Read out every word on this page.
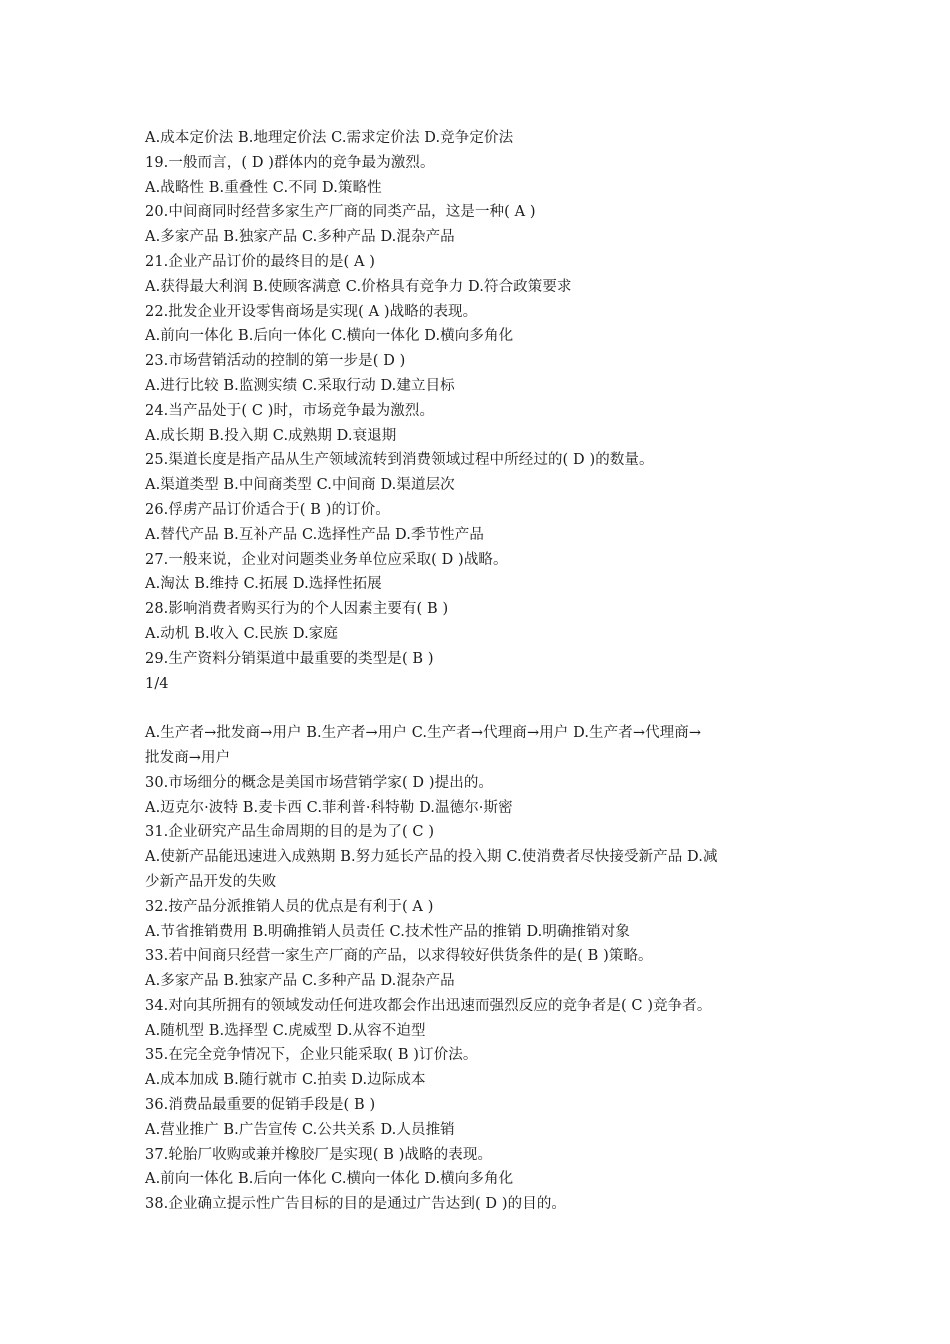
A.成本定价法 B.地理定价法 C.需求定价法 D.竞争定价法
19.一般而言，( D )群体内的竞争最为激烈。
A.战略性 B.重叠性 C.不同 D.策略性
20.中间商同时经营多家生产厂商的同类产品，这是一种( A )
A.多家产品 B.独家产品 C.多种产品 D.混杂产品
21.企业产品订价的最终目的是( A )
A.获得最大利润 B.使顾客满意 C.价格具有竞争力 D.符合政策要求
22.批发企业开设零售商场是实现( A )战略的表现。
A.前向一体化 B.后向一体化 C.横向一体化 D.横向多角化
23.市场营销活动的控制的第一步是( D )
A.进行比较 B.监测实绩 C.采取行动 D.建立目标
24.当产品处于( C )时，市场竞争最为激烈。
A.成长期 B.投入期 C.成熟期 D.衰退期
25.渠道长度是指产品从生产领域流转到消费领域过程中所经过的( D )的数量。
A.渠道类型 B.中间商类型 C.中间商 D.渠道层次
26.俘虏产品订价适合于( B )的订价。
A.替代产品 B.互补产品 C.选择性产品 D.季节性产品
27.一般来说，企业对问题类业务单位应采取( D )战略。
A.淘汰 B.维持 C.拓展 D.选择性拓展
28.影响消费者购买行为的个人因素主要有( B )
A.动机 B.收入 C.民族 D.家庭
29.生产资料分销渠道中最重要的类型是( B )
1/4
A.生产者→批发商→用户 B.生产者→用户 C.生产者→代理商→用户 D.生产者→代理商→
批发商→用户
30.市场细分的概念是美国市场营销学家( D )提出的。
A.迈克尔·波特 B.麦卡西 C.菲利普·科特勒 D.温德尔·斯密
31.企业研究产品生命周期的目的是为了( C )
A.使新产品能迅速进入成熟期 B.努力延长产品的投入期 C.使消费者尽快接受新产品 D.减
少新产品开发的失败
32.按产品分派推销人员的优点是有利于( A )
A.节省推销费用 B.明确推销人员责任 C.技术性产品的推销 D.明确推销对象
33.若中间商只经营一家生产厂商的产品，以求得较好供货条件的是( B )策略。
A.多家产品 B.独家产品 C.多种产品 D.混杂产品
34.对向其所拥有的领域发动任何进攻都会作出迅速而强烈反应的竞争者是( C )竞争者。
A.随机型 B.选择型 C.虎威型 D.从容不迫型
35.在完全竞争情况下，企业只能采取( B )订价法。
A.成本加成 B.随行就市 C.拍卖 D.边际成本
36.消费品最重要的促销手段是( B )
A.营业推广 B.广告宣传 C.公共关系 D.人员推销
37.轮胎厂收购或兼并橡胶厂是实现( B )战略的表现。
A.前向一体化 B.后向一体化 C.横向一体化 D.横向多角化
38.企业确立提示性广告目标的目的是通过广告达到( D )的目的。
